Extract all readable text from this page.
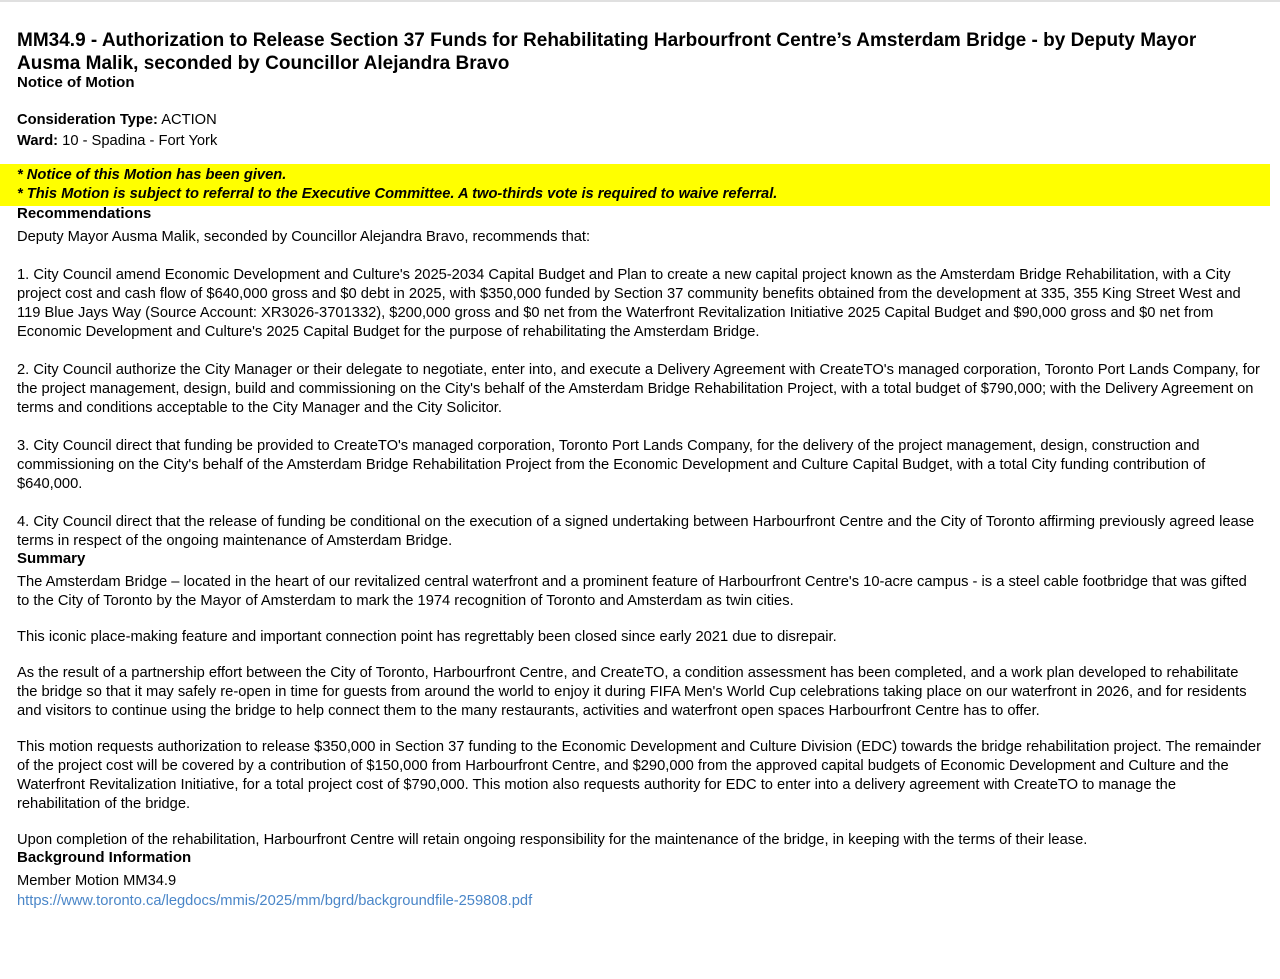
MM34.9 - Authorization to Release Section 37 Funds for Rehabilitating Harbourfront Centre’s Amsterdam Bridge - by Deputy Mayor Ausma Malik, seconded by Councillor Alejandra Bravo
Notice of Motion

Consideration Type: ACTION

Ward: 10 - Spadina - Fort York

* Notice of this Motion has been given.

* This Motion is subject to referral to the Executive Committee. A two-thirds vote is required to waive referral.

Recommendations

Deputy Mayor Ausma Malik, seconded by Councillor Alejandra Bravo, recommends that:

1. City Council amend Economic Development and Culture's 2025-2034 Capital Budget and Plan to create a new capital project known as the Amsterdam Bridge Rehabilitation, with a City project cost and cash flow of $640,000 gross and $0 debt in 2025, with $350,000 funded by Section 37 community benefits obtained from the development at 335, 355 King Street West and 119 Blue Jays Way (Source Account: XR3026-3701332), $200,000 gross and $0 net from the Waterfront Revitalization Initiative 2025 Capital Budget and $90,000 gross and $0 net from Economic Development and Culture's 2025 Capital Budget for the purpose of rehabilitating the Amsterdam Bridge.

2. City Council authorize the City Manager or their delegate to negotiate, enter into, and execute a Delivery Agreement with CreateTO's managed corporation, Toronto Port Lands Company, for the project management, design, build and commissioning on the City's behalf of the Amsterdam Bridge Rehabilitation Project, with a total budget of $790,000; with the Delivery Agreement on terms and conditions acceptable to the City Manager and the City Solicitor.

3. City Council direct that funding be provided to CreateTO's managed corporation, Toronto Port Lands Company, for the delivery of the project management, design, construction and commissioning on the City's behalf of the Amsterdam Bridge Rehabilitation Project from the Economic Development and Culture Capital Budget, with a total City funding contribution of $640,000.

4. City Council direct that the release of funding be conditional on the execution of a signed undertaking between Harbourfront Centre and the City of Toronto affirming previously agreed lease terms in respect of the ongoing maintenance of Amsterdam Bridge.

Summary

The Amsterdam Bridge – located in the heart of our revitalized central waterfront and a prominent feature of Harbourfront Centre's 10-acre campus - is a steel cable footbridge that was gifted to the City of Toronto by the Mayor of Amsterdam to mark the 1974 recognition of Toronto and Amsterdam as twin cities.

This iconic place-making feature and important connection point has regrettably been closed since early 2021 due to disrepair.

As the result of a partnership effort between the City of Toronto, Harbourfront Centre, and CreateTO, a condition assessment has been completed, and a work plan developed to rehabilitate the bridge so that it may safely re-open in time for guests from around the world to enjoy it during FIFA Men's World Cup celebrations taking place on our waterfront in 2026, and for residents and visitors to continue using the bridge to help connect them to the many restaurants, activities and waterfront open spaces Harbourfront Centre has to offer.

This motion requests authorization to release $350,000 in Section 37 funding to the Economic Development and Culture Division (EDC) towards the bridge rehabilitation project. The remainder of the project cost will be covered by a contribution of $150,000 from Harbourfront Centre, and $290,000 from the approved capital budgets of Economic Development and Culture and the Waterfront Revitalization Initiative, for a total project cost of $790,000. This motion also requests authority for EDC to enter into a delivery agreement with CreateTO to manage the rehabilitation of the bridge.

Upon completion of the rehabilitation, Harbourfront Centre will retain ongoing responsibility for the maintenance of the bridge, in keeping with the terms of their lease.

Background Information

Member Motion MM34.9

https://www.toronto.ca/legdocs/mmis/2025/mm/bgrd/backgroundfile-259808.pdf
